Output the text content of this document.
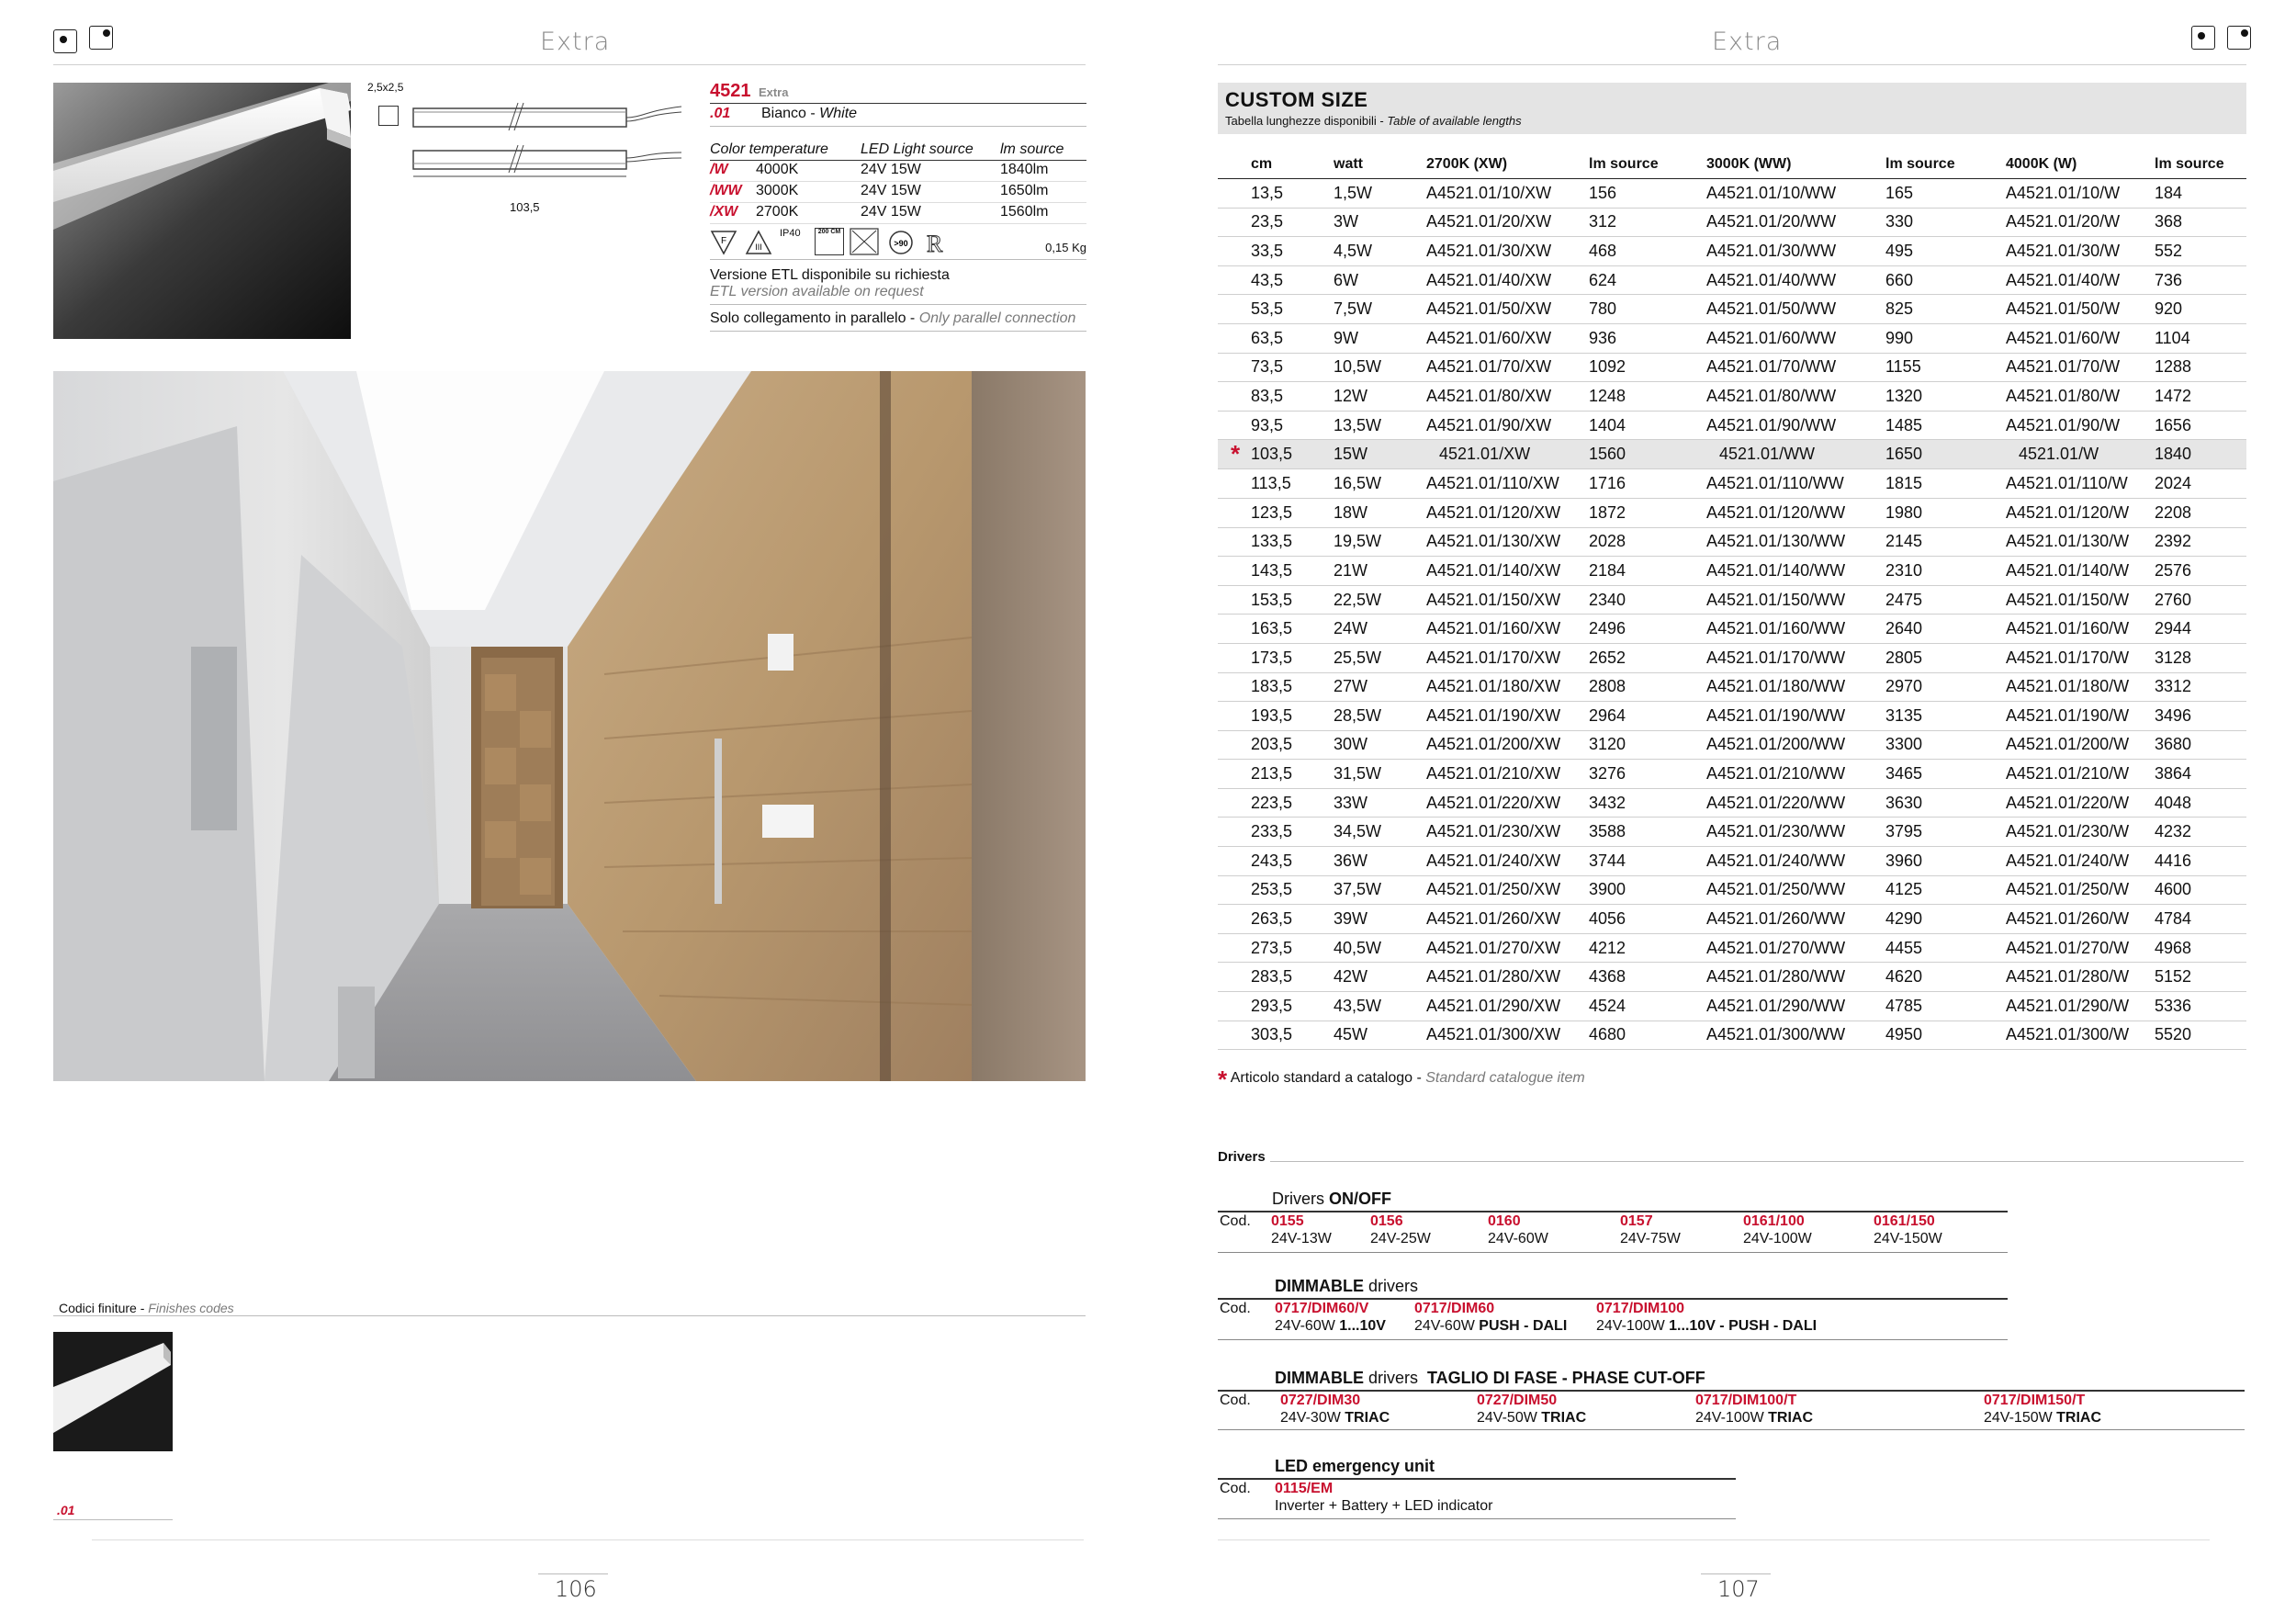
Extra
2,5x2,5
103,5
4521 Extra
.01 Bianco - White
Color temperature LED Light source lm source
/W 4000K	24V 15W	1840lm
/WW 3000K	24V 15W	1650lm
/XW 2700K	24V 15W	1560lm
F
III
IP40	200 CM
>90 R	0,15 Kg
Versione ETL disponibile su richiesta
ETL version available on request
Solo collegamento in parallelo - Only parallel connection
Codici finiture - Finishes codes
.01
106
Extra
CUSTOM SIZE
Tabella lunghezze disponibili - Table of available lengths
	cm	watt	2700K (XW)	lm source	3000K (WW)	lm source	4000K (W)	lm source
	13,5	1,5W	A4521.01/10/XW	156	A4521.01/10/WW	165	A4521.01/10/W	184
	23,5	3W	A4521.01/20/XW	312	A4521.01/20/WW	330	A4521.01/20/W	368
	33,5	4,5W	A4521.01/30/XW	468	A4521.01/30/WW	495	A4521.01/30/W	552
	43,5	6W	A4521.01/40/XW	624	A4521.01/40/WW	660	A4521.01/40/W	736
	53,5	7,5W	A4521.01/50/XW	780	A4521.01/50/WW	825	A4521.01/50/W	920
	63,5	9W	A4521.01/60/XW	936	A4521.01/60/WW	990	A4521.01/60/W	1104
	73,5	10,5W	A4521.01/70/XW	1092	A4521.01/70/WW	1155	A4521.01/70/W	1288
	83,5	12W	A4521.01/80/XW	1248	A4521.01/80/WW	1320	A4521.01/80/W	1472
	93,5	13,5W	A4521.01/90/XW	1404	A4521.01/90/WW	1485	A4521.01/90/W	1656
*	103,5	15W	4521.01/XW	1560	4521.01/WW	1650	4521.01/W	1840
	113,5	16,5W	A4521.01/110/XW	1716	A4521.01/110/WW	1815	A4521.01/110/W	2024
	123,5	18W	A4521.01/120/XW	1872	A4521.01/120/WW	1980	A4521.01/120/W	2208
	133,5	19,5W	A4521.01/130/XW	2028	A4521.01/130/WW	2145	A4521.01/130/W	2392
	143,5	21W	A4521.01/140/XW	2184	A4521.01/140/WW	2310	A4521.01/140/W	2576
	153,5	22,5W	A4521.01/150/XW	2340	A4521.01/150/WW	2475	A4521.01/150/W	2760
	163,5	24W	A4521.01/160/XW	2496	A4521.01/160/WW	2640	A4521.01/160/W	2944
	173,5	25,5W	A4521.01/170/XW	2652	A4521.01/170/WW	2805	A4521.01/170/W	3128
	183,5	27W	A4521.01/180/XW	2808	A4521.01/180/WW	2970	A4521.01/180/W	3312
	193,5	28,5W	A4521.01/190/XW	2964	A4521.01/190/WW	3135	A4521.01/190/W	3496
	203,5	30W	A4521.01/200/XW	3120	A4521.01/200/WW	3300	A4521.01/200/W	3680
	213,5	31,5W	A4521.01/210/XW	3276	A4521.01/210/WW	3465	A4521.01/210/W	3864
	223,5	33W	A4521.01/220/XW	3432	A4521.01/220/WW	3630	A4521.01/220/W	4048
	233,5	34,5W	A4521.01/230/XW	3588	A4521.01/230/WW	3795	A4521.01/230/W	4232
	243,5	36W	A4521.01/240/XW	3744	A4521.01/240/WW	3960	A4521.01/240/W	4416
	253,5	37,5W	A4521.01/250/XW	3900	A4521.01/250/WW	4125	A4521.01/250/W	4600
	263,5	39W	A4521.01/260/XW	4056	A4521.01/260/WW	4290	A4521.01/260/W	4784
	273,5	40,5W	A4521.01/270/XW	4212	A4521.01/270/WW	4455	A4521.01/270/W	4968
	283,5	42W	A4521.01/280/XW	4368	A4521.01/280/WW	4620	A4521.01/280/W	5152
	293,5	43,5W	A4521.01/290/XW	4524	A4521.01/290/WW	4785	A4521.01/290/W	5336
	303,5	45W	A4521.01/300/XW	4680	A4521.01/300/WW	4950	A4521.01/300/W	5520
* Articolo standard a catalogo - Standard catalogue item
Drivers
Drivers ON/OFF
Cod. 0155
24V-13W
0156
24V-25W
0160
24V-60W
0157
24V-75W
0161/100
24V-100W
0161/150
24V-150W
DIMMABLE drivers
Cod. 0717/DIM60/V
24V-60W 1...10V
0717/DIM60
24V-60W PUSH - DALI
0717/DIM100
24V-100W 1...10V - PUSH - DALI
DIMMABLE drivers  TAGLIO DI FASE - PHASE CUT-OFF
Cod. 0727/DIM30
24V-30W TRIAC
0727/DIM50
24V-50W TRIAC
0717/DIM100/T
24V-100W TRIAC
0717/DIM150/T
24V-150W TRIAC
LED emergency unit
Cod. 0115/EM
Inverter + Battery + LED indicator
107
